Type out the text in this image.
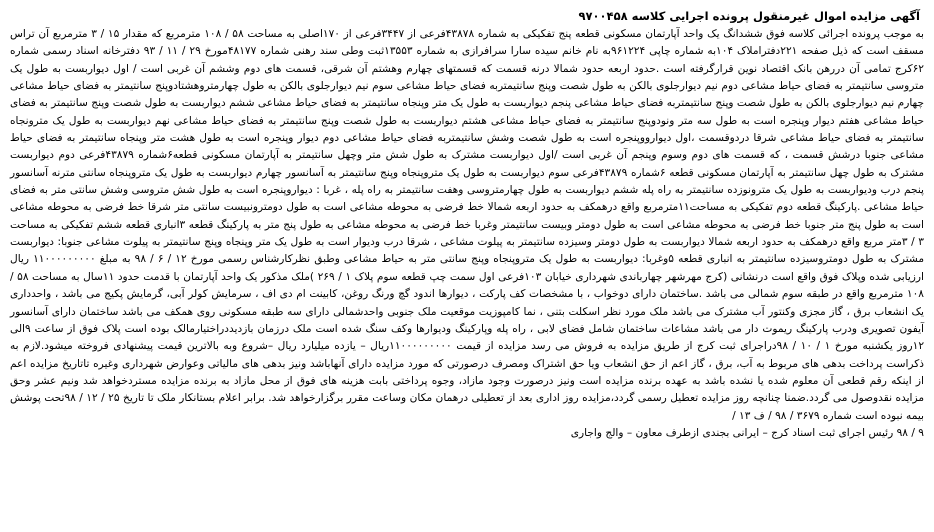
آگهی مزایده اموال غیرمنقول پرونده اجرایی کلاسه ۹۷۰۰۴۵۸

به موجب پرونده اجرائی کلاسه فوق ششدانگ یک واحد آپارتمان مسکونی قطعه پنج تفکیکی به شماره ۴۳۸۷۸فرعی از ۳۴۴۷فرعی از ۱۷۰اصلی به مساحت ۵۸ / ۱۰۸ مترمربع که مقدار ۱۵ / ۳ مترمربع آن تراس مسقف است که ذیل صفحه ۲۲۱دفتراملاک ۱۰۴به شماره چاپی ۹۶۱۲۲۴به نام خانم سیده سارا سرافرازی به شماره ۱۳۵۵۳ثبت وطی سند رهنی شماره ۴۸۱۷۷مورخ ۲۹ / ۱۱ / ۹۳ دفترخانه اسناد رسمی شماره ۶۲کرج تمامی آن دررهن بانک اقتصاد نوین قرارگرفته است .حدود اربعه حدود شمالا درنه قسمت که قسمتهای چهارم وهشتم آن شرقی، قسمت های دوم وششم آن غربی است / اول دیواربست به طول یک متروسی سانتیمتر به فضای حیاط مشاعی دوم نیم دیوارجلوی بالکن به طول شصت وپنج سانتیمتربه فضای حیاط مشاعی سوم نیم دیوارجلوی بالکن به طول چهارمتروهشتادوپنج سانتیمتر به فضای حیاط مشاعی چهارم نیم دیوارجلوی بالکن به طول شصت وپنج سانتیمتربه فضای حیاط مشاعی پنجم دیواربست به طول یک متر وپنجاه سانتیمتر به فضای حیاط مشاعی ششم دیواربست به طول شصت وپنج سانتیمتر به فضای حیاط مشاعی هفتم دیوار وپنجره است به طول سه متر ونودوپنج سانتیمتر به فضای حیاط مشاعی هشتم دیواربست به طول شصت وپنج سانتیمتر به فضای حیاط مشاعی نهم دیواربست به طول یک مترونجاه سانتیمتر به فضای حیاط مشاعی شرقا دردوقسمت ،اول دیوارووپنجره است به طول شصت وشش سانتیمتربه فضای حیاط مشاعی دوم دیوار وپنجره است به طول هشت متر وپنجاه سانتیمتر به فضای حیاط مشاعی جنوبا درشش قسمت ، که قسمت های دوم وسوم وپنجم آن غربی است /اول دیواربست مشترک به طول شش متر وچهل سانتیمتر به آپارتمان مسکونی قطعه۶شماره ۴۳۸۷۹فرعی دوم دیواربست مشترک به طول چهل سانتیمتر به آپارتمان مسکونی قطعه ۶شماره ۴۳۸۷۹فرعی سوم دیواربست به طول یک متروپنجاه وپنج سانتیمتر به آسانسور چهارم دیواربست به طول یک متروپنجاه سانتی مترنه آسانسور پنجم درب ودیواربست به طول یک مترونوزده سانتیمتر به راه پله ششم دیواربست به طول چهارمتروسی وهفت سانتیمتر به راه پله ، غربا : دیواروپنجره است به طول شش متروسی وشش سانتی متر به فضای حیاط مشاعی .پارکینگ قطعه دوم تفکیکی به مساحت۱۱مترمربع واقع درهمکف به حدود اربعه شمالا خط فرضی به محوطه مشاعی است به طول دومترونبیست سانتی متر شرقا خط فرضی به محوطه مشاعی است به طول پنج متر جنوبا خط فرضی به محوطه مشاعی است به طول دومتر وبیست سانتیمتر وغربا خط فرضی به محوطه مشاعی به طول پنج متر به پارکینگ قطعه ۳انباری قطعه ششم تفکیکی به مساحت ۳ / ۳متر مربع واقع درهمکف به حدود اربعه شمالا دیواربست به طول دومتر وسیزده سانتیمتر به پیلوت مشاعی ، شرقا درب ودیوار است به طول یک متر وپنجاه وپنج سانتیمتر به پیلوت مشاعی جنوبا: دیواربست مشترک به طول دومتروسیزده سانتیمتر به انباری قطعه ۵وغربا: دیواربست به طول یک متروپنجاه وپنج سانتی متر به حیاط مشاعی وطبق نظرکارشناس رسمی مورخ ۱۲ / ۶ / ۹۸ به مبلغ ۱۱۰۰۰۰۰۰۰۰۰ ریال ارزیابی شده وپلاک فوق واقع است درنشانی (کرج مهرشهر چهارباندی شهرداری خیابان ۱۰۳فرعی اول سمت چپ قطعه سوم پلاک ۱ / ۲۶۹ )ملک مذکور یک واحد آپارتمان با قدمت حدود ۱۱سال به مساحت ۵۸ / ۱۰۸ مترمربع واقع در طبقه سوم شمالی می باشد .ساختمان دارای دوخواب ، با مشخصات کف پارکت ، دیوارها اندود گچ ورنگ روغن، کابینت ام دی اف ، سرمایش کولر آبی، گرمایش پکیج می باشد ، واحدداری یک انشعاب برق ، گاز مجزی وکنتور آب مشترک می باشد ملک مورد نظر اسکلت بتنی ، نما کامپوزیت موقعیت ملک جنوبی واحدشمالی دارای سه طبقه مسکونی روی همکف می باشد ساختمان دارای آسانسور آیفون تصویری ودرب پارکینگ ریموت دار می باشد مشاعات ساختمان شامل فضای لابی ، راه پله وپارکینگ ودیوارها وکف سنگ شده است ملک درزمان بازدیددراختیارمالک بوده است پلاک فوق از ساعت ۹الی ۱۲روز یکشنبه مورخ ۱ / ۱۰ / ۹۸دراجرای ثبت کرج از طریق مزایده به فروش می رسد مزایده از قیمت ۱۱۰۰۰۰۰۰۰۰۰ریال – یازده میلیارد ریال –شروع وبه بالاترین قیمت پیشنهادی فروخته میشود.لازم به ذکراست پرداخت بدهی های مربوط به آب، برق ، گاز اعم از حق انشعاب ویا حق اشتراک ومصرف درصورتی که مورد مزایده دارای آنهاباشد ونیز بدهی های مالیاتی وعوارض شهرداری وغیره تاتاریخ مزایده اعم از اینکه رقم قطعی آن معلوم شده یا نشده باشد به عهده برنده مزایده است ونیز درصورت وجود مازاد، وجوه پرداختی بابت هزینه های فوق از محل مازاد به برنده مزایده مستردخواهد شد ونیم عشر وحق مزایده نقدوصول می گردد.ضمنا چنانچه روز مزایده تعطیل رسمی گردد،مزایده روز اداری بعد از تعطیلی درهمان مکان وساعت مقرر برگزارخواهد شد. برابر اعلام بستانکار ملک تا تاریخ ۲۵ / ۱۲ / ۹۸تحت پوشش بیمه نبوده است شماره ۳۶۷۹ / ۹۸ / ف ۱۳ /

۹ / ۹۸ رئیس اجرای ثبت اسناد کرج – ایرانی بجندی ازطرف معاون – والج واجاری
